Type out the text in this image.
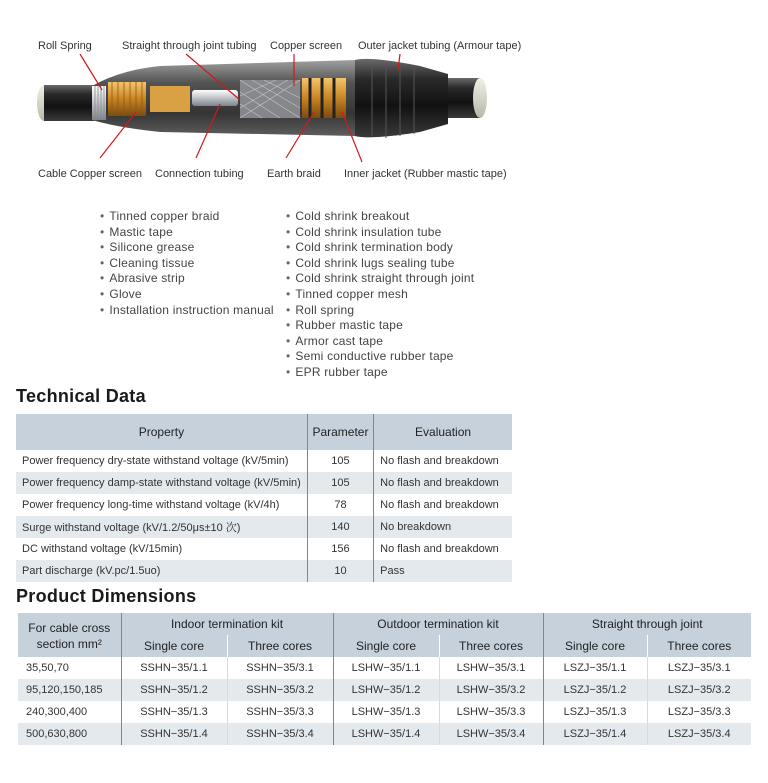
Roll Spring	Straight through joint tubing Copper screen Outer jacket tubing (Armour tape)
Cable Copper screen Connection tubing Earth braid Inner jacket (Rubber mastic tape)
• Tinned copper braid
• Mastic tape
• Silicone grease
• Cleaning tissue
• Abrasive strip
• Glove
• Installation instruction manual
• Cold shrink breakout
• Cold shrink insulation tube
• Cold shrink termination body
• Cold shrink lugs sealing tube
• Cold shrink straight through joint
• Tinned copper mesh
• Roll spring
• Rubber mastic tape
• Armor cast tape
• Semi conductive rubber tape
• EPR rubber tape
Technical Data
Property	Parameter	Evaluation
Power frequency dry-state withstand voltage (kV/5min)	105	No flash and breakdown
Power frequency damp-state withstand voltage (kV/5min)	105	No flash and breakdown
Power frequency long-time withstand voltage (kV/4h)	78	No flash and breakdown
Surge withstand voltage (kV/1.2/50μs±10 次)	140	No breakdown
DC withstand voltage (kV/15min)	156	No flash and breakdown
Part discharge (kV.pc/1.5uo)	10	Pass
Product Dimensions
For cable cross section mm²	Indoor termination kit		Outdoor termination kit		Straight through joint	
	Single core	Three cores	Single core	Three cores	Single core	Three cores
35,50,70	SSHN−35/1.1	SSHN−35/3.1	LSHW−35/1.1	LSHW−35/3.1	LSZJ−35/1.1	LSZJ−35/3.1
95,120,150,185	SSHN−35/1.2	SSHN−35/3.2	LSHW−35/1.2	LSHW−35/3.2	LSZJ−35/1.2	LSZJ−35/3.2
240,300,400	SSHN−35/1.3	SSHN−35/3.3	LSHW−35/1.3	LSHW−35/3.3	LSZJ−35/1.3	LSZJ−35/3.3
500,630,800	SSHN−35/1.4	SSHN−35/3.4	LSHW−35/1.4	LSHW−35/3.4	LSZJ−35/1.4	LSZJ−35/3.4
